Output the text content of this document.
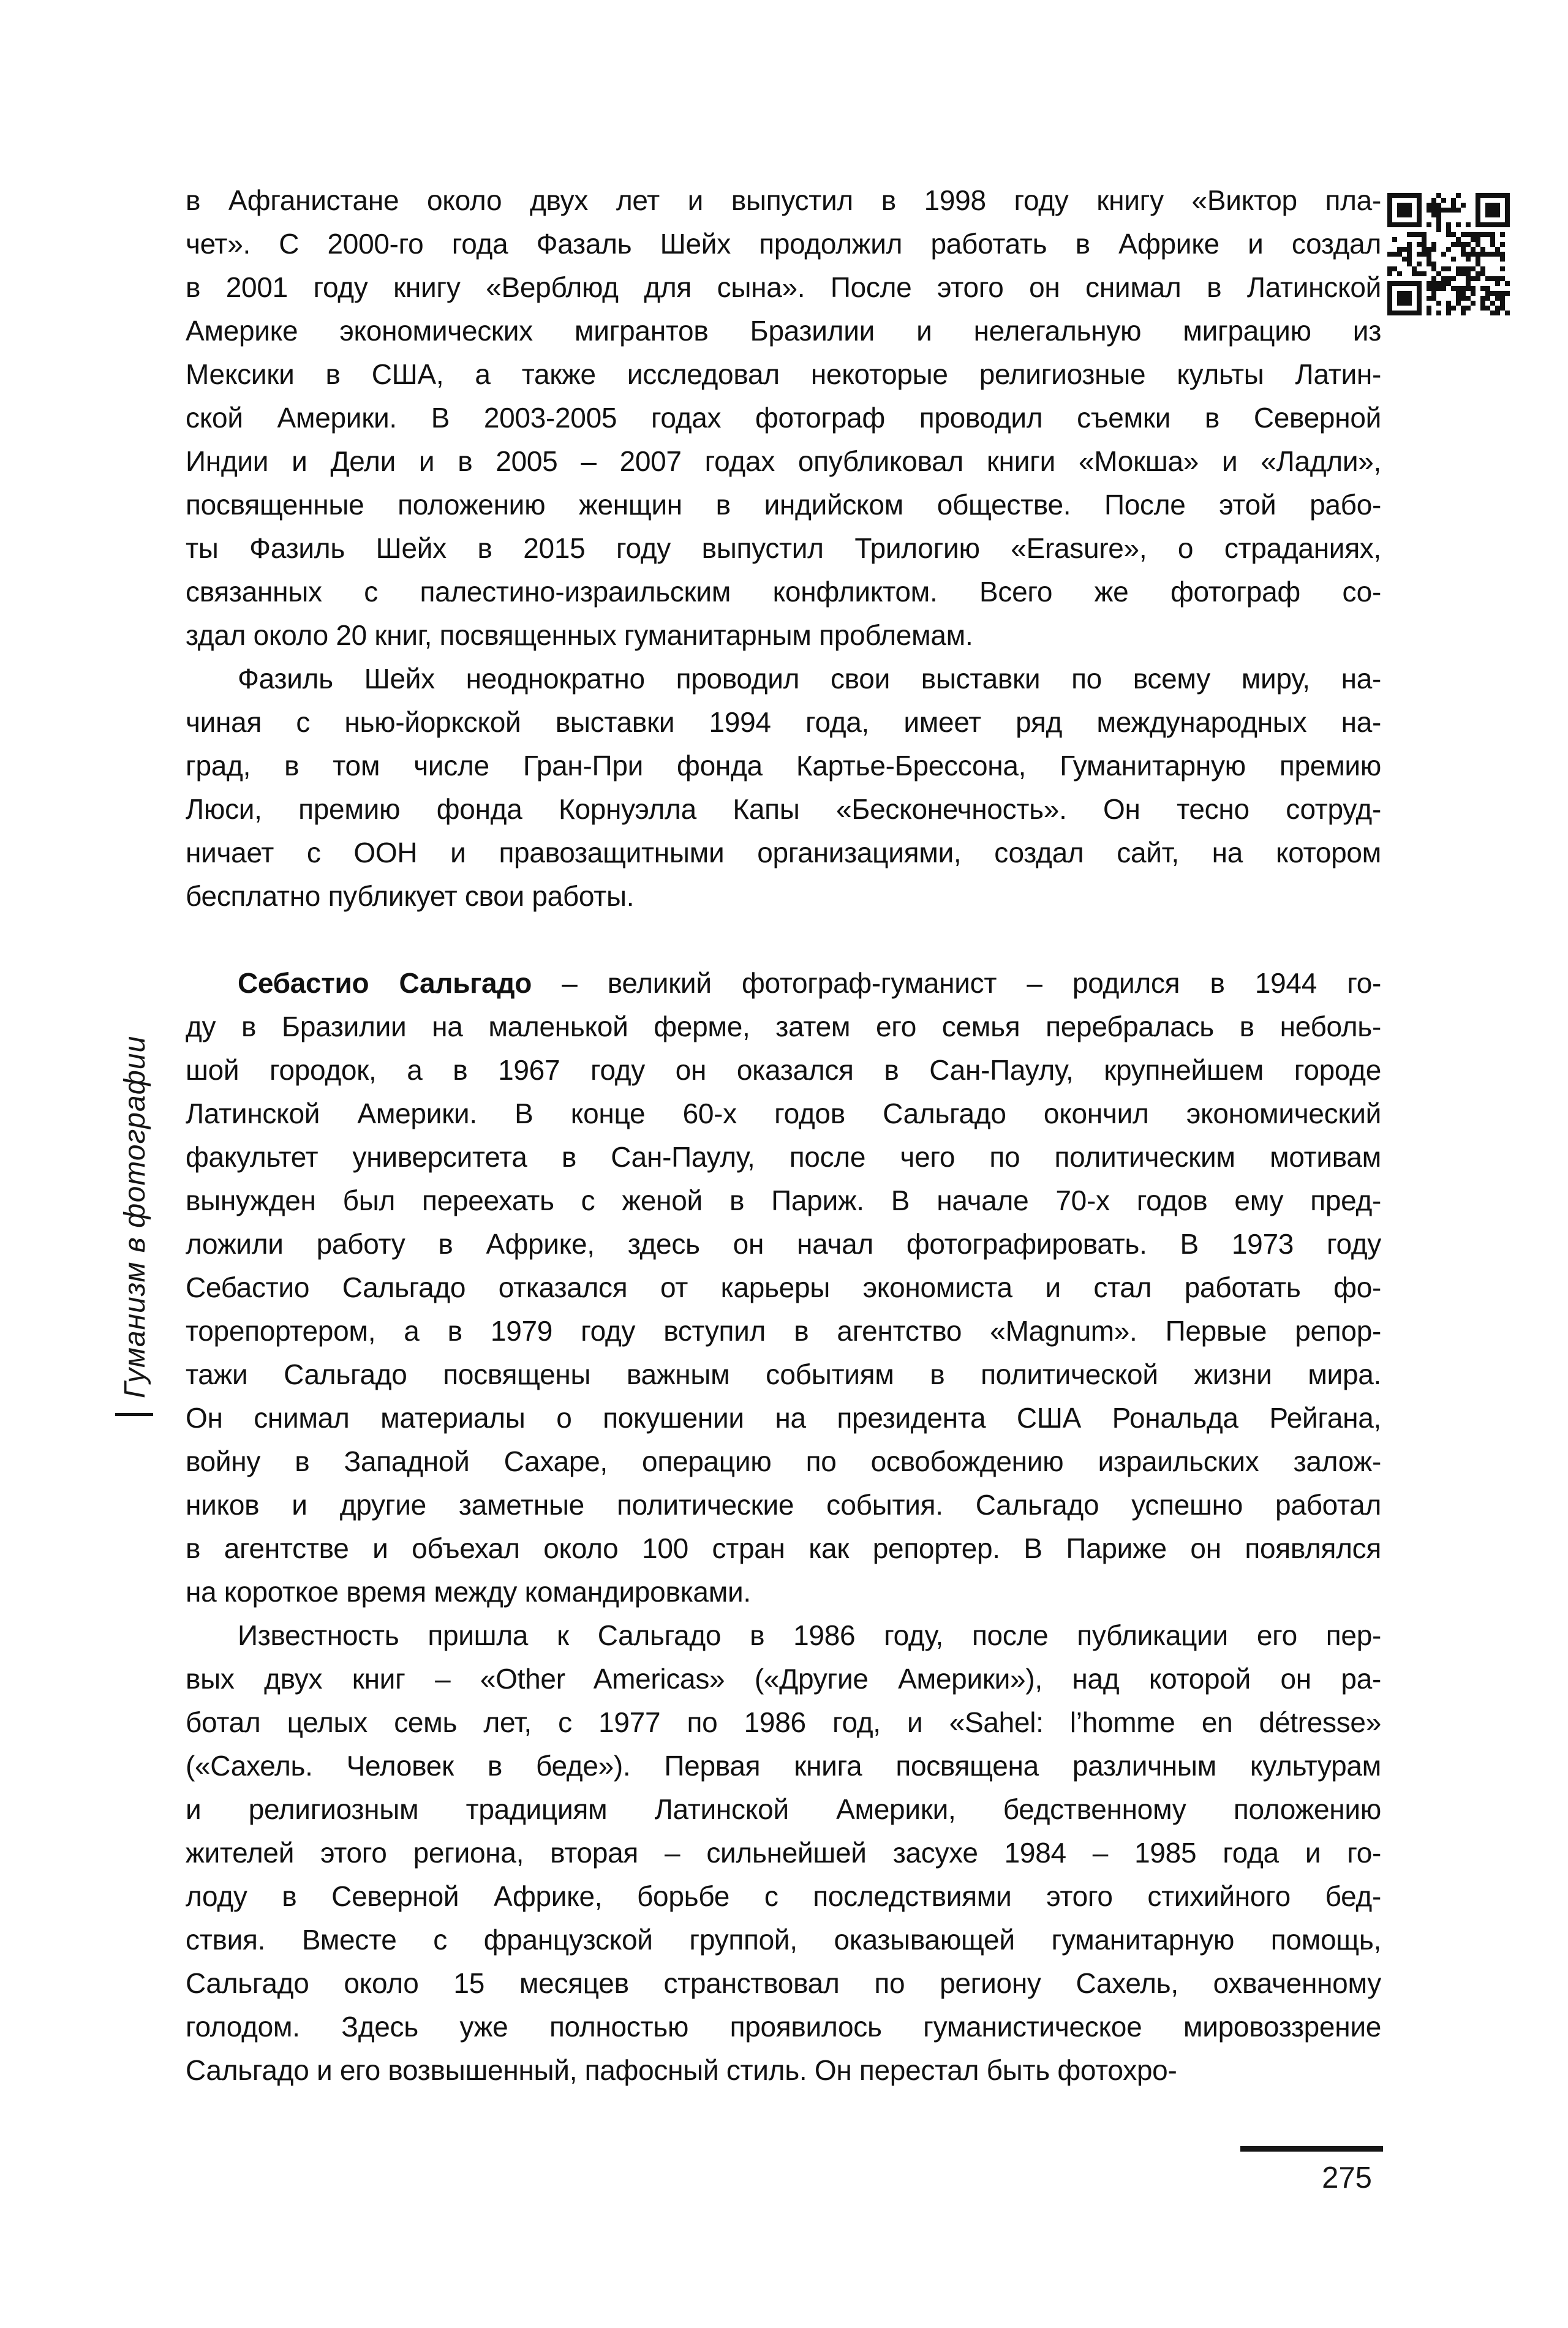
Гуманизм в фотографии
в Афганистане около двух лет и выпустил в 1998 году книгу «Виктор пла-
чет». С 2000-го года Фазаль Шейх продолжил работать в Африке и создал
в 2001 году книгу «Верблюд для сына». После этого он снимал в Латинской
Америке экономических мигрантов Бразилии и нелегальную миграцию из
Мексики в США, а также исследовал некоторые религиозные культы Латин-
ской Америки. В 2003-2005 годах фотограф проводил съемки в Северной
Индии и Дели и в 2005 – 2007 годах опубликовал книги «Мокша» и «Ладли»,
посвященные положению женщин в индийском обществе. После этой рабо-
ты Фазиль Шейх в 2015 году выпустил Трилогию «Erasure», о страданиях,
связанных с палестино-израильским конфликтом. Всего же фотограф со-
здал около 20 книг, посвященных гуманитарным проблемам.
Фазиль Шейх неоднократно проводил свои выставки по всему миру, на-
чиная с нью-йоркской выставки 1994 года, имеет ряд международных на-
град, в том числе Гран-При фонда Картье-Брессона, Гуманитарную премию
Люси, премию фонда Корнуэлла Капы «Бесконечность». Он тесно сотруд-
ничает с ООН и правозащитными организациями, создал сайт, на котором
бесплатно публикует свои работы.
Себастио Сальгадо – великий фотограф-гуманист – родился в 1944 го-
ду в Бразилии на маленькой ферме, затем его семья перебралась в неболь-
шой городок, а в 1967 году он оказался в Сан-Паулу, крупнейшем городе
Латинской Америки. В конце 60-х годов Сальгадо окончил экономический
факультет университета в Сан-Паулу, после чего по политическим мотивам
вынужден был переехать с женой в Париж. В начале 70-х годов ему пред-
ложили работу в Африке, здесь он начал фотографировать. В 1973 году
Себастио Сальгадо отказался от карьеры экономиста и стал работать фо-
торепортером, а в 1979 году вступил в агентство «Magnum». Первые репор-
тажи Сальгадо посвящены важным событиям в политической жизни мира.
Он снимал материалы о покушении на президента США Рональда Рейгана,
войну в Западной Сахаре, операцию по освобождению израильских залож-
ников и другие заметные политические события. Сальгадо успешно работал
в агентстве и объехал около 100 стран как репортер. В Париже он появлялся
на короткое время между командировками.
Известность пришла к Сальгадо в 1986 году, после публикации его пер-
вых двух книг – «Other Americas» («Другие Америки»), над которой он ра-
ботал целых семь лет, с 1977 по 1986 год, и «Sahel: l’homme en détresse»
(«Сахель. Человек в беде»). Первая книга посвящена различным культурам
и религиозным традициям Латинской Америки, бедственному положению
жителей этого региона, вторая – сильнейшей засухе 1984 – 1985 года и го-
лоду в Северной Африке, борьбе с последствиями этого стихийного бед-
ствия. Вместе с французской группой, оказывающей гуманитарную помощь,
Сальгадо около 15 месяцев странствовал по региону Сахель, охваченному
голодом. Здесь уже полностью проявилось гуманистическое мировоззрение
Сальгадо и его возвышенный, пафосный стиль. Он перестал быть фотохро-
275
